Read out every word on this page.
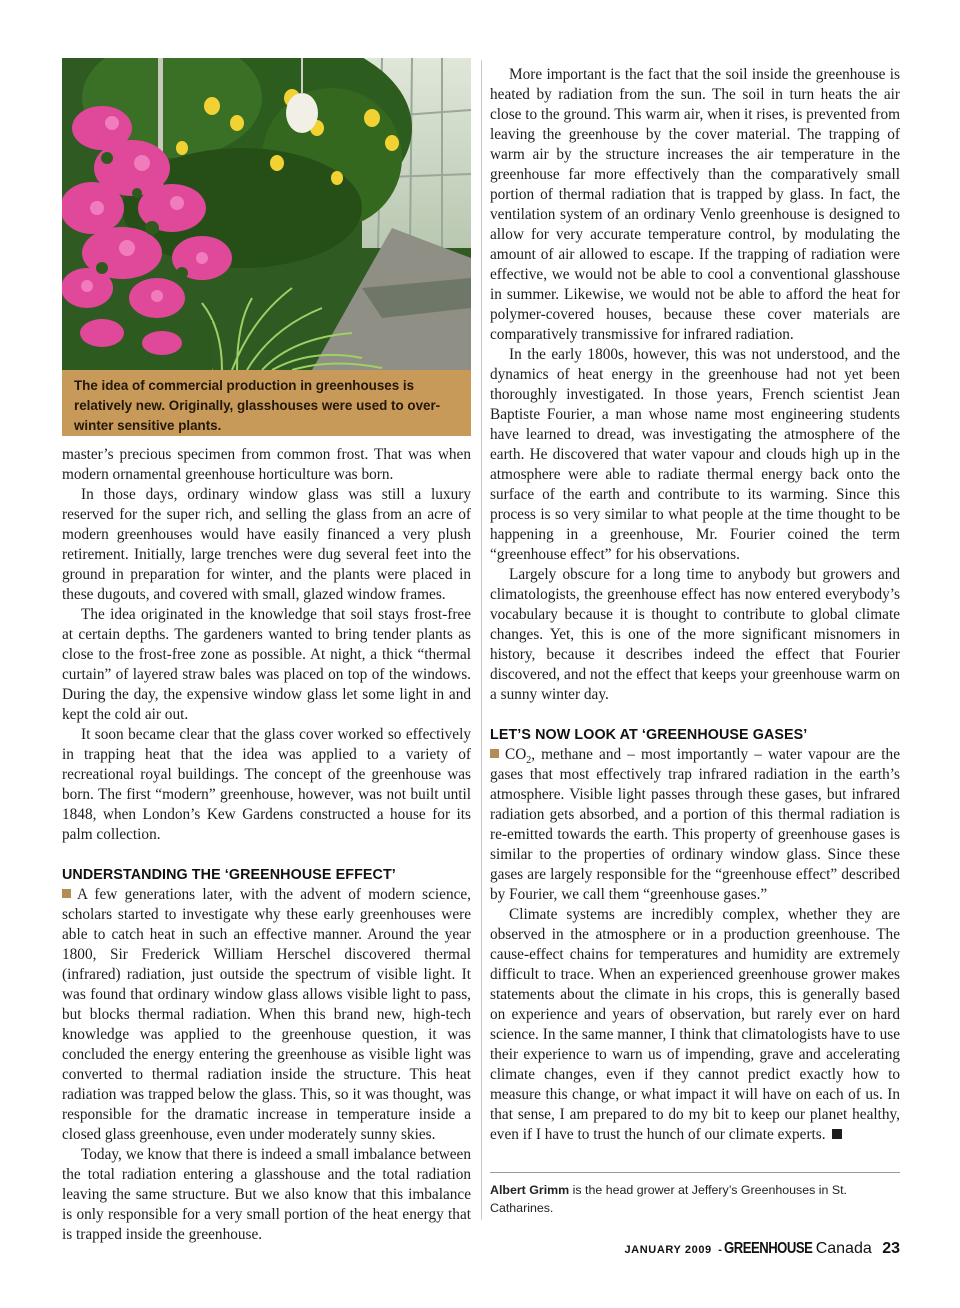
The idea of commercial production in greenhouses is relatively new. Originally, glasshouses were used to over-winter sensitive plants.

master’s precious specimen from common frost. That was when modern ornamental greenhouse horticulture was born.

In those days, ordinary window glass was still a luxury reserved for the super rich, and selling the glass from an acre of modern greenhouses would have easily financed a very plush retirement. Initially, large trenches were dug several feet into the ground in preparation for winter, and the plants were placed in these dugouts, and covered with small, glazed window frames.

The idea originated in the knowledge that soil stays frost-free at certain depths. The gardeners wanted to bring tender plants as close to the frost-free zone as possible. At night, a thick “thermal curtain” of layered straw bales was placed on top of the windows. During the day, the expensive window glass let some light in and kept the cold air out.

It soon became clear that the glass cover worked so effectively in trapping heat that the idea was applied to a variety of recreational royal buildings. The concept of the greenhouse was born. The first “modern” greenhouse, however, was not built until 1848, when London’s Kew Gardens constructed a house for its palm collection.

UNDERSTANDING THE ‘GREENHOUSE EFFECT’

A few generations later, with the advent of modern science, scholars started to investigate why these early greenhouses were able to catch heat in such an effective manner. Around the year 1800, Sir Frederick William Herschel discovered thermal (infrared) radiation, just outside the spectrum of visible light. It was found that ordinary window glass allows visible light to pass, but blocks thermal radiation. When this brand new, high-tech knowledge was applied to the greenhouse question, it was concluded the energy entering the greenhouse as visible light was converted to thermal radiation inside the structure. This heat radiation was trapped below the glass. This, so it was thought, was responsible for the dramatic increase in temperature inside a closed glass greenhouse, even under moderately sunny skies.

Today, we know that there is indeed a small imbalance between the total radiation entering a glasshouse and the total radiation leaving the same structure. But we also know that this imbalance is only responsible for a very small portion of the heat energy that is trapped inside the greenhouse.

More important is the fact that the soil inside the greenhouse is heated by radiation from the sun. The soil in turn heats the air close to the ground. This warm air, when it rises, is prevented from leaving the greenhouse by the cover material. The trapping of warm air by the structure increases the air temperature in the greenhouse far more effectively than the comparatively small portion of thermal radiation that is trapped by glass. In fact, the ventilation system of an ordinary Venlo greenhouse is designed to allow for very accurate temperature control, by modulating the amount of air allowed to escape. If the trapping of radiation were effective, we would not be able to cool a conventional glasshouse in summer. Likewise, we would not be able to afford the heat for polymer-covered houses, because these cover materials are comparatively transmissive for infrared radiation.

In the early 1800s, however, this was not understood, and the dynamics of heat energy in the greenhouse had not yet been thoroughly investigated. In those years, French scientist Jean Baptiste Fourier, a man whose name most engineering students have learned to dread, was investigating the atmosphere of the earth. He discovered that water vapour and clouds high up in the atmosphere were able to radiate thermal energy back onto the surface of the earth and contribute to its warming. Since this process is so very similar to what people at the time thought to be happening in a greenhouse, Mr. Fourier coined the term “greenhouse effect” for his observations.

Largely obscure for a long time to anybody but growers and climatologists, the greenhouse effect has now entered everybody’s vocabulary because it is thought to contribute to global climate changes. Yet, this is one of the more significant misnomers in history, because it describes indeed the effect that Fourier discovered, and not the effect that keeps your greenhouse warm on a sunny winter day.

LET’S NOW LOOK AT ‘GREENHOUSE GASES’

$CO_2$, methane and – most importantly – water vapour are the gases that most effectively trap infrared radiation in the earth’s atmosphere. Visible light passes through these gases, but infrared radiation gets absorbed, and a portion of this thermal radiation is re-emitted towards the earth. This property of greenhouse gases is similar to the properties of ordinary window glass. Since these gases are largely responsible for the “greenhouse effect” described by Fourier, we call them “greenhouse gases.”

Climate systems are incredibly complex, whether they are observed in the atmosphere or in a production greenhouse. The cause-effect chains for temperatures and humidity are extremely difficult to trace. When an experienced greenhouse grower makes statements about the climate in his crops, this is generally based on experience and years of observation, but rarely ever on hard science. In the same manner, I think that climatologists have to use their experience to warn us of impending, grave and accelerating climate changes, even if they cannot predict exactly how to measure this change, or what impact it will have on each of us. In that sense, I am prepared to do my bit to keep our planet healthy, even if I have to trust the hunch of our climate experts.

Albert Grimm is the head grower at Jeffery’s Greenhouses in St. Catharines.
JANUARY 2009 - GREENHOUSE Canada 23
